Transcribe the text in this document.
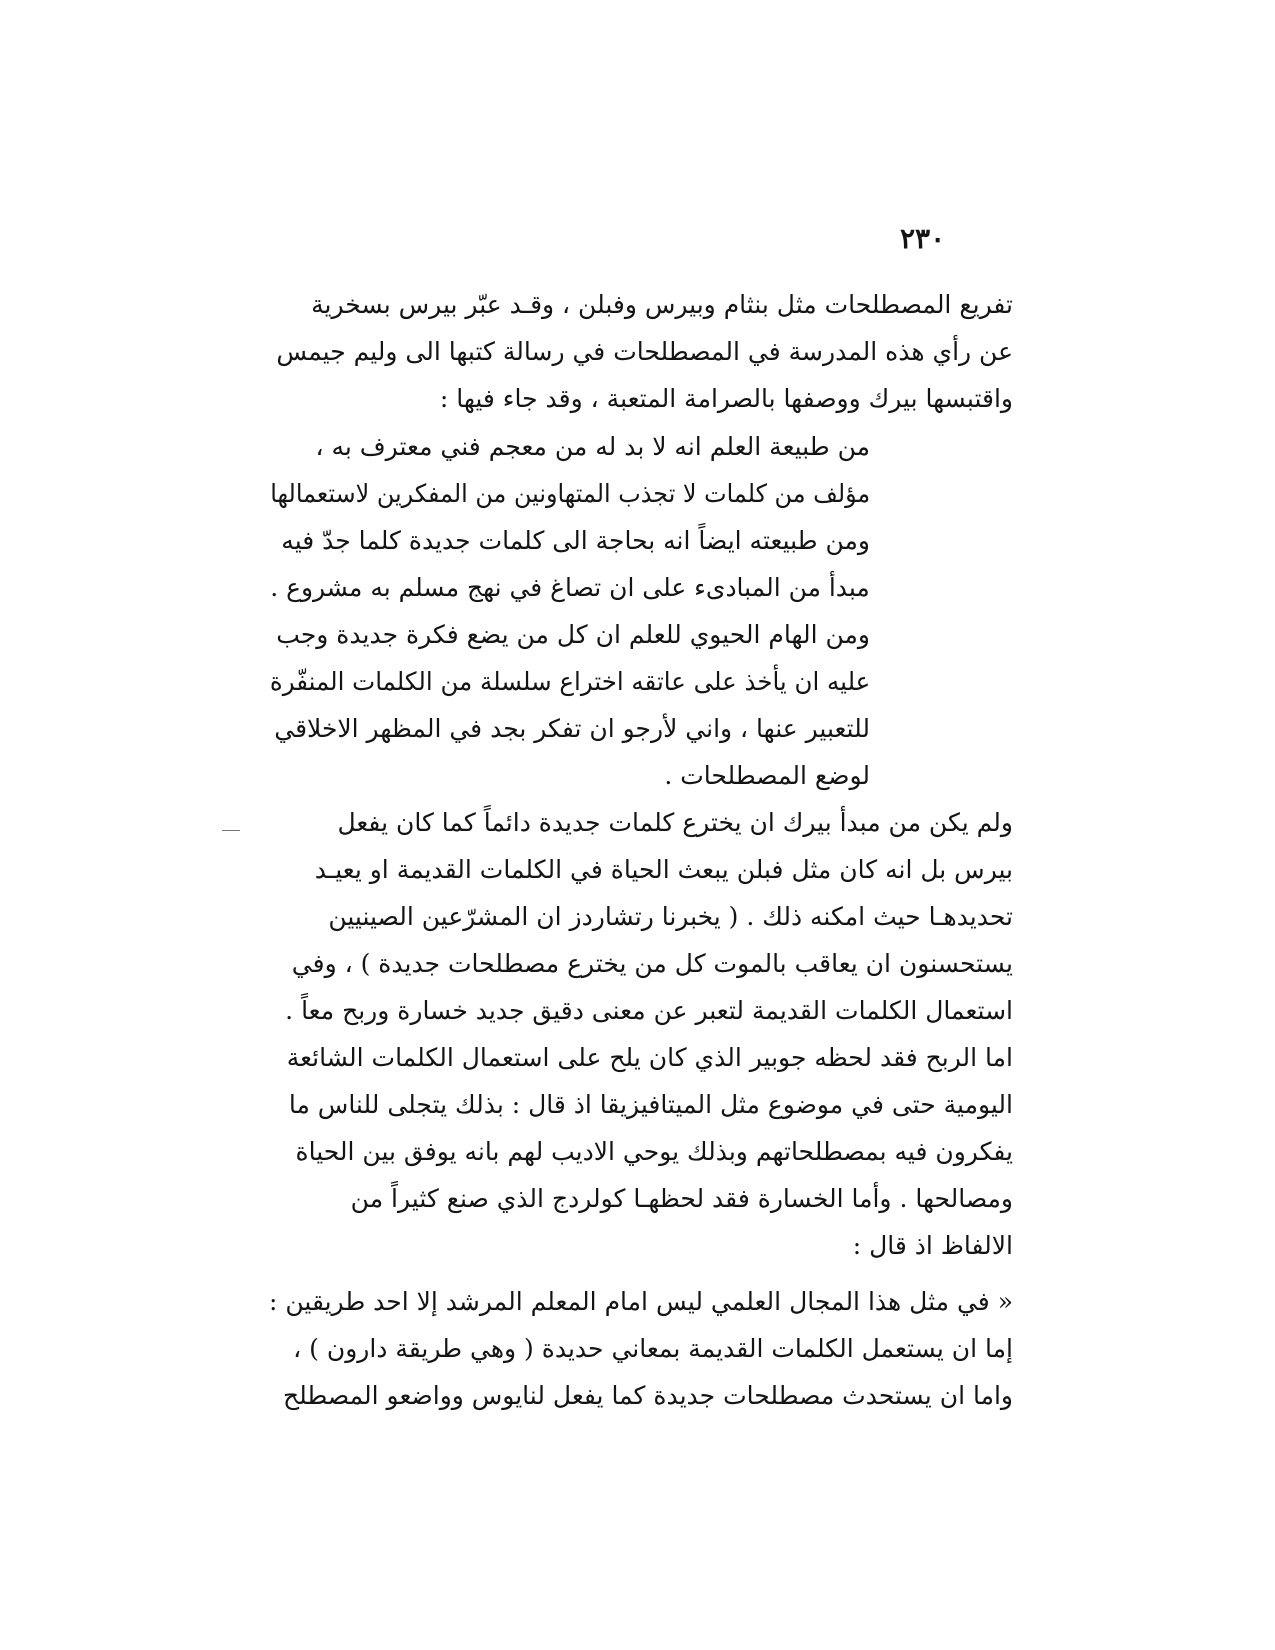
٢٣٠
تفريع المصطلحات مثل بنثام وبيرس وفبلن ، وقـد عبّر بيرس بسخرية
عن رأي هذه المدرسة في المصطلحات في رسالة كتبها الى وليم جيمس
واقتبسها بيرك ووصفها بالصرامة المتعبة ، وقد جاء فيها :
من طبيعة العلم انه لا بد له من معجم فني معترف به ،
مؤلف من كلمات لا تجذب المتهاونين من المفكرين لاستعمالها
ومن طبيعته ايضاً انه بحاجة الى كلمات جديدة كلما جدّ فيه
مبدأ من المبادىء على ان تصاغ في نهج مسلم به مشروع .
ومن الهام الحيوي للعلم ان كل من يضع فكرة جديدة وجب
عليه ان يأخذ على عاتقه اختراع سلسلة من الكلمات المنفّرة
للتعبير عنها ، واني لأرجو ان تفكر بجد في المظهر الاخلاقي
لوضع المصطلحات .
ولم يكن من مبدأ بيرك ان يخترع كلمات جديدة دائماً كما كان يفعل
بيرس بل انه كان مثل فبلن يبعث الحياة في الكلمات القديمة او يعيـد
تحديدهـا حيث امكنه ذلك . ( يخبرنا رتشاردز ان المشرّعين الصينيين
يستحسنون ان يعاقب بالموت كل من يخترع مصطلحات جديدة ) ، وفي
استعمال الكلمات القديمة لتعبر عن معنى دقيق جديد خسارة وربح معاً .
اما الربح فقد لحظه جوبير الذي كان يلح على استعمال الكلمات الشائعة
اليومية حتى في موضوع مثل الميتافيزيقا اذ قال : بذلك يتجلى للناس ما
يفكرون فيه بمصطلحاتهم وبذلك يوحي الاديب لهم بانه يوفق بين الحياة
ومصالحها . وأما الخسارة فقد لحظهـا كولردج الذي صنع كثيراً من
الالفاظ اذ قال :
« في مثل هذا المجال العلمي ليس امام المعلم المرشد إلا احد طريقين :
إما ان يستعمل الكلمات القديمة بمعاني حديدة ( وهي طريقة دارون ) ،
واما ان يستحدث مصطلحات جديدة كما يفعل لنايوس وواضعو المصطلح
